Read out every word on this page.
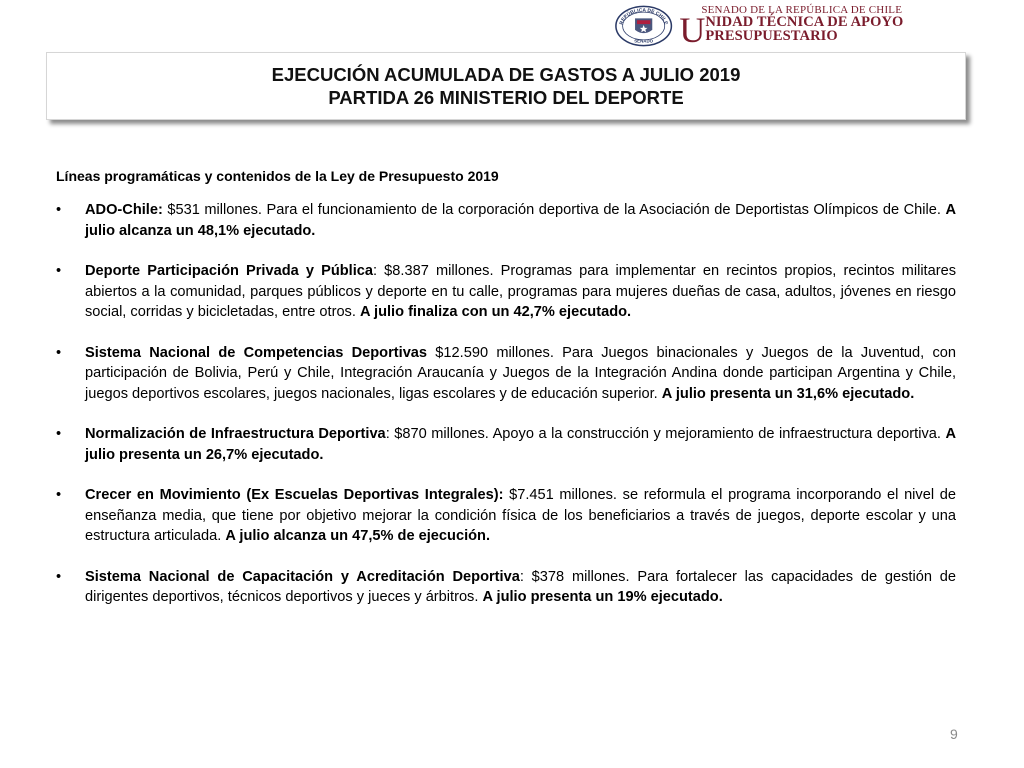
REPÚBLICA DE CHILE
SENADO
SENADO DE LA REPÚBLICA DE CHILE
U NIDAD TÉCNICA DE APOYO PRESUPUESTARIO
EJECUCIÓN ACUMULADA DE GASTOS A JULIO 2019
PARTIDA 26 MINISTERIO DEL DEPORTE
Líneas programáticas y contenidos de la Ley de Presupuesto 2019
• ADO-Chile: $531 millones. Para el funcionamiento de la corporación deportiva de la Asociación de Deportistas Olímpicos de Chile. A julio alcanza un 48,1% ejecutado.
• Deporte Participación Privada y Pública: $8.387 millones. Programas para implementar en recintos propios, recintos militares abiertos a la comunidad, parques públicos y deporte en tu calle, programas para mujeres dueñas de casa, adultos, jóvenes en riesgo social, corridas y bicicletadas, entre otros. A julio finaliza con un 42,7% ejecutado.
• Sistema Nacional de Competencias Deportivas $12.590 millones. Para Juegos binacionales y Juegos de la Juventud, con participación de Bolivia, Perú y Chile, Integración Araucanía y Juegos de la Integración Andina donde participan Argentina y Chile, juegos deportivos escolares, juegos nacionales, ligas escolares y de educación superior. A julio presenta un 31,6% ejecutado.
• Normalización de Infraestructura Deportiva: $870 millones. Apoyo a la construcción y mejoramiento de infraestructura deportiva. A julio presenta un 26,7% ejecutado.
• Crecer en Movimiento (Ex Escuelas Deportivas Integrales): $7.451 millones. se reformula el programa incorporando el nivel de enseñanza media, que tiene por objetivo mejorar la condición física de los beneficiarios a través de juegos, deporte escolar y una estructura articulada. A julio alcanza un 47,5% de ejecución.
• Sistema Nacional de Capacitación y Acreditación Deportiva: $378 millones. Para fortalecer las capacidades de gestión de dirigentes deportivos, técnicos deportivos y jueces y árbitros. A julio presenta un 19% ejecutado.
9
